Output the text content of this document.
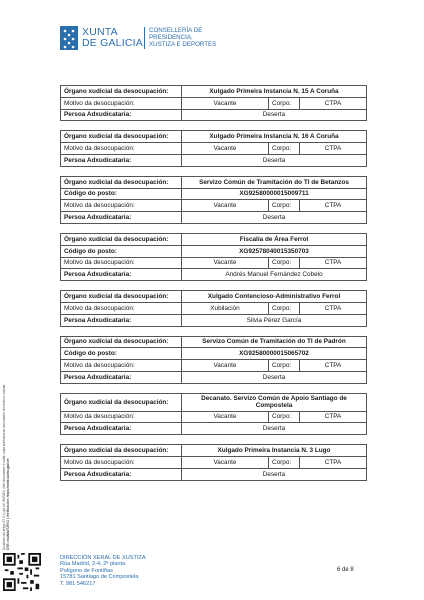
XUNTA
DE GALICIA
CONSELLERÍA DE
PRESIDENCIA,
XUSTIZA E DEPORTES
Órgano xudicial da desocupación:	Xulgado Primeira Instancia N. 15 A Coruña
Motivo da desocupación:	Vacante	Corpo:	CTPA
Persoa Adxudicataria:	Deserta
Órgano xudicial da desocupación:	Xulgado Primeira Instancia N. 16 A Coruña
Motivo da desocupación:	Vacante	Corpo:	CTPA
Persoa Adxudicataria:	Deserta
Órgano xudicial da desocupación:	Servizo Común de Tramitación do TI de Betanzos
Código do posto:	XG92580000015009711
Motivo da desocupación:	Vacante	Corpo:	CTPA
Persoa Adxudicataria:	Deserta
Órgano xudicial da desocupación:	Fiscalía de Área Ferrol
Código do posto:	XG92578040015350703
Motivo da desocupación:	Vacante	Corpo:	CTPA
Persoa Adxudicataria:	Andrés Manuel Fernández Cobelo
Órgano xudicial da desocupación:	Xulgado Contencioso-Administrativo Ferrol
Motivo da desocupación:	Xubilación	Corpo:	CTPA
Persoa Adxudicataria:	Silvia Pérez García
Órgano xudicial da desocupación:	Servizo Común de Tramitación do TI de Padrón
Código do posto:	XG92580000015065702
Motivo da desocupación:	Vacante	Corpo:	CTPA
Persoa Adxudicataria:	Deserta
Órgano xudicial da desocupación:
Decanato. Servizo Común de Apoio Santiago de Compostela
Motivo da desocupación:	Vacante	Corpo:	CTPA
Persoa Adxudicataria:	Deserta
Órgano xudicial da desocupación:	Xulgado Primeira Instancia N. 3 Lugo
Motivo da desocupación:	Vacante	Corpo:	CTPA
Persoa Adxudicataria:	Deserta
Ao abeiro do artigo 27.3.c) da Lei 39/2015, este documento é unha copia auténtica do documento electrónico orixinal. CVE: iwuN4wT2KV1 | Verificación: https://sede.xunta.gal/cve
DIRECCIÓN XERAL DE XUSTIZA
Rúa Madrid, 2-4, 2ª planta
Polígono de Fontiñas
15781 Santiago de Compostela
T. 981 546217
6 de 8
